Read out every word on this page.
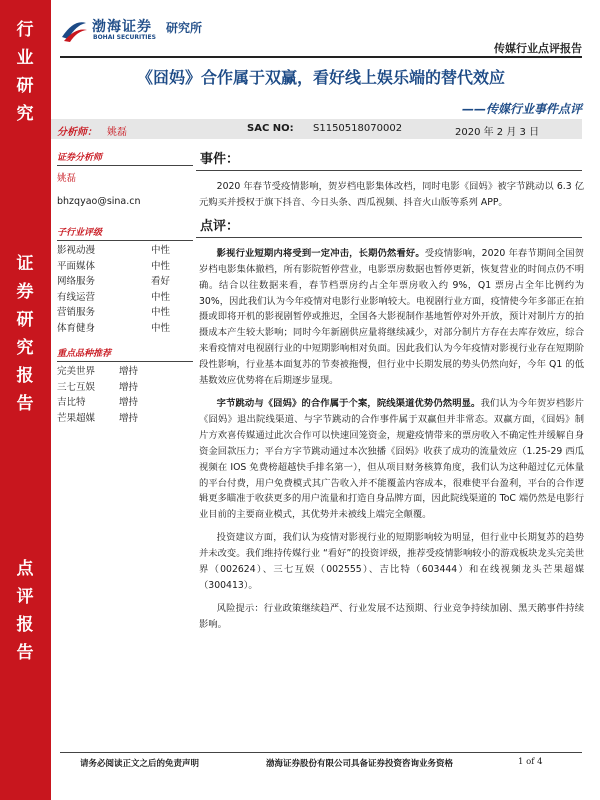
行
业
研
究
证
券
研
究
报
告
点
评
报
告
渤海证券
BOHAI SECURITIES
研究所
传媒行业点评报告
《囧妈》合作属于双赢，看好线上娱乐端的替代效应
——传媒行业事件点评
分析师： 姚磊	SAC NO: S1150518070002	2020 年 2 月 3 日
证券分析师
姚磊
bhzqyao@sina.cn
子行业评级
影视动漫	中性
平面媒体	中性
网络服务	看好
有线运营	中性
营销服务	中性
体育健身	中性
重点品种推荐
完美世界	增持
三七互娱	增持
吉比特	增持
芒果超媒	增持
事件：
2020 年春节受疫情影响，贺岁档电影集体改档，同时电影《囧妈》被字节跳动以 6.3 亿元购买并授权于旗下抖音、今日头条、西瓜视频、抖音火山版等系列 APP。
点评：
影视行业短期内将受到一定冲击，长期仍然看好。受疫情影响，2020 年春节期间全国贺岁档电影集体撤档，所有影院暂停营业，电影票房数据也暂停更新，恢复营业的时间点仍不明确。结合以往数据来看，春节档票房约占全年票房收入约 9%，Q1 票房占全年比例约为 30%，因此我们认为今年疫情对电影行业影响较大。电视剧行业方面，疫情使今年多部正在拍摄或即将开机的影视剧暂停或推迟，全国各大影视制作基地暂停对外开放，预计对制片方的拍摄成本产生较大影响；同时今年新剧供应量将继续减少，对部分制片方存在去库存效应，综合来看疫情对电视剧行业的中短期影响相对负面。因此我们认为今年疫情对影视行业存在短期阶段性影响，行业基本面复苏的节奏被拖慢，但行业中长期发展的势头仍然向好，今年 Q1 的低基数效应优势将在后期逐步显现。
字节跳动与《囧妈》的合作属于个案，院线渠道优势仍然明显。我们认为今年贺岁档影片《囧妈》退出院线渠道、与字节跳动的合作事件属于双赢但并非常态。双赢方面，《囧妈》制片方欢喜传媒通过此次合作可以快速回笼资金，规避疫情带来的票房收入不确定性并缓解自身资金回款压力；平台方字节跳动通过本次独播《囧妈》收获了成功的流量效应（1.25-29 西瓜视频在 IOS 免费榜超越快手排名第一），但从项目财务核算角度，我们认为这种超过亿元体量的平台付费，用户免费模式其广告收入并不能覆盖内容成本，很难使平台盈利，平台的合作逻辑更多瞄准于收获更多的用户流量和打造自身品牌方面，因此院线渠道的 ToC 端仍然是电影行业目前的主要商业模式，其优势并未被线上端完全颠覆。
投资建议方面，我们认为疫情对影视行业的短期影响较为明显，但行业中长期复苏的趋势并未改变。我们维持传媒行业 “看好”的投资评级，推荐受疫情影响较小的游戏板块龙头完美世界（002624）、三七互娱（002555）、吉比特（603444）和在线视频龙头芒果超媒（300413）。
风险提示：行业政策继续趋严、行业发展不达预期、行业竞争持续加剧、黑天鹅事件持续影响。
请务必阅读正文之后的免责声明	渤海证券股份有限公司具备证券投资咨询业务资格	1 of 4
